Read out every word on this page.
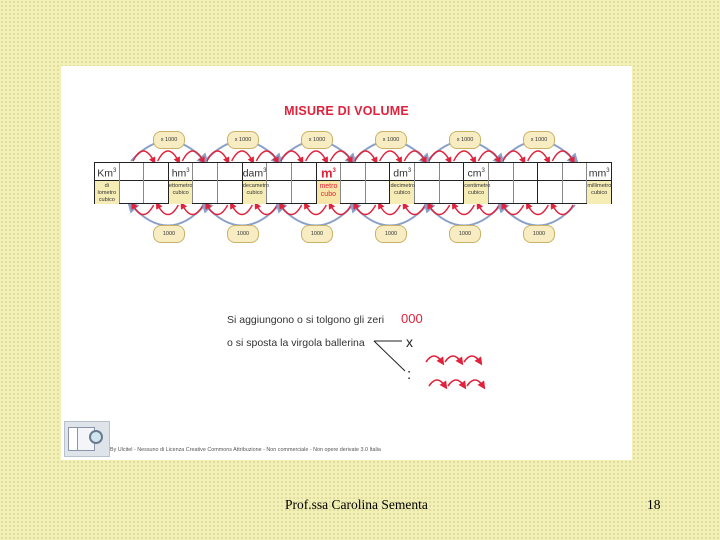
MISURE DI VOLUME
Km$^3$
di lometro cubico
$hm^3$
ettometro cubico
dam$^3$
decametro cubico
$m^3$
metro cubo
$dm^3$
decimetro cubico
$cm^3$
centimetro cubico
$mm^3$
millimetro cubico
Si aggiungono o si tolgono gli zeri 000
o si sposta la virgola ballerina	x
:
By Ulcitel - Nessuno di Licenza Creative Commons Attribuzione - Non commerciale - Non opere derivate 3.0 Italia
x 1000
1000
x 1000
1000
x 1000
1000
x 1000
1000
x 1000
1000
x 1000
1000
Prof.ssa Carolina Sementa	18
